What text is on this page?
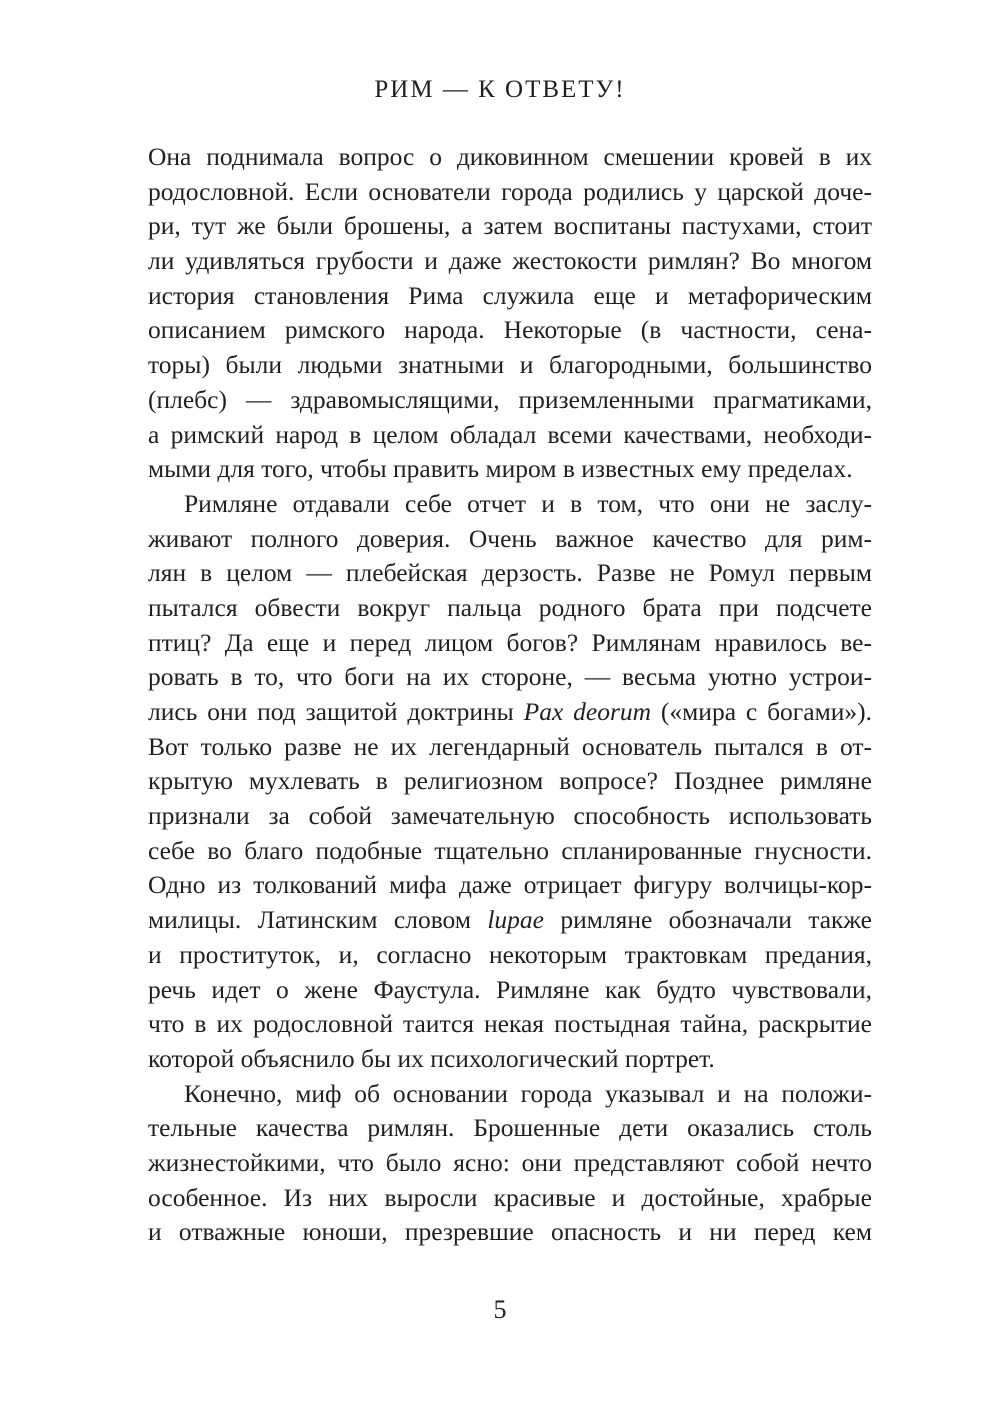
РИМ — К ОТВЕТУ!
Она поднимала вопрос о диковинном смешении кровей в их
родословной. Если основатели города родились у царской доче-
ри, тут же были брошены, а затем воспитаны пастухами, стоит
ли удивляться грубости и даже жестокости римлян? Во многом
история становления Рима служила еще и метафорическим
описанием римского народа. Некоторые (в частности, сена-
торы) были людьми знатными и благородными, большинство
(плебс) — здравомыслящими, приземленными прагматиками,
а римский народ в целом обладал всеми качествами, необходи-
мыми для того, чтобы править миром в известных ему пределах.
Римляне отдавали себе отчет и в том, что они не заслу-
живают полного доверия. Очень важное качество для рим-
лян в целом — плебейская дерзость. Разве не Ромул первым
пытался обвести вокруг пальца родного брата при подсчете
птиц? Да еще и перед лицом богов? Римлянам нравилось ве-
ровать в то, что боги на их стороне, — весьма уютно устрои-
лись они под защитой доктрины Pax deorum («мира с богами»).
Вот только разве не их легендарный основатель пытался в от-
крытую мухлевать в религиозном вопросе? Позднее римляне
признали за собой замечательную способность использовать
себе во благо подобные тщательно спланированные гнусности.
Одно из толкований мифа даже отрицает фигуру волчицы-кор-
милицы. Латинским словом lupae римляне обозначали также
и проституток, и, согласно некоторым трактовкам предания,
речь идет о жене Фаустула. Римляне как будто чувствовали,
что в их родословной таится некая постыдная тайна, раскрытие
которой объяснило бы их психологический портрет.
Конечно, миф об основании города указывал и на положи-
тельные качества римлян. Брошенные дети оказались столь
жизнестойкими, что было ясно: они представляют собой нечто
особенное. Из них выросли красивые и достойные, храбрые
и отважные юноши, презревшие опасность и ни перед кем
5
